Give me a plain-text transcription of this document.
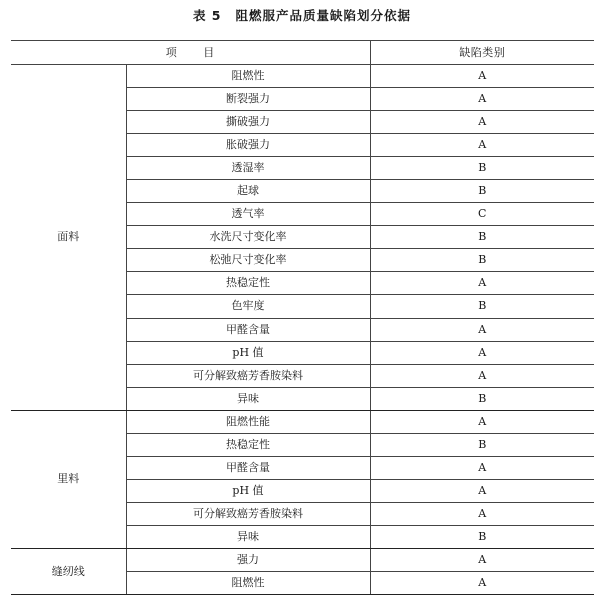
表 5 阻燃服产品质量缺陷划分依据
项 目		缺陷类别
面料	阻燃性	A
	断裂强力	A
	撕破强力	A
	胀破强力	A
	透湿率	B
	起球	B
	透气率	C
	水洗尺寸变化率	B
	松弛尺寸变化率	B
	热稳定性	A
	色牢度	B
	甲醛含量	A
	pH 值	A
	可分解致癌芳香胺染料	A
	异味	B
里料	阻燃性能	A
	热稳定性	B
	甲醛含量	A
	pH 值	A
	可分解致癌芳香胺染料	A
	异味	B
缝纫线	强力	A
	阻燃性	A
